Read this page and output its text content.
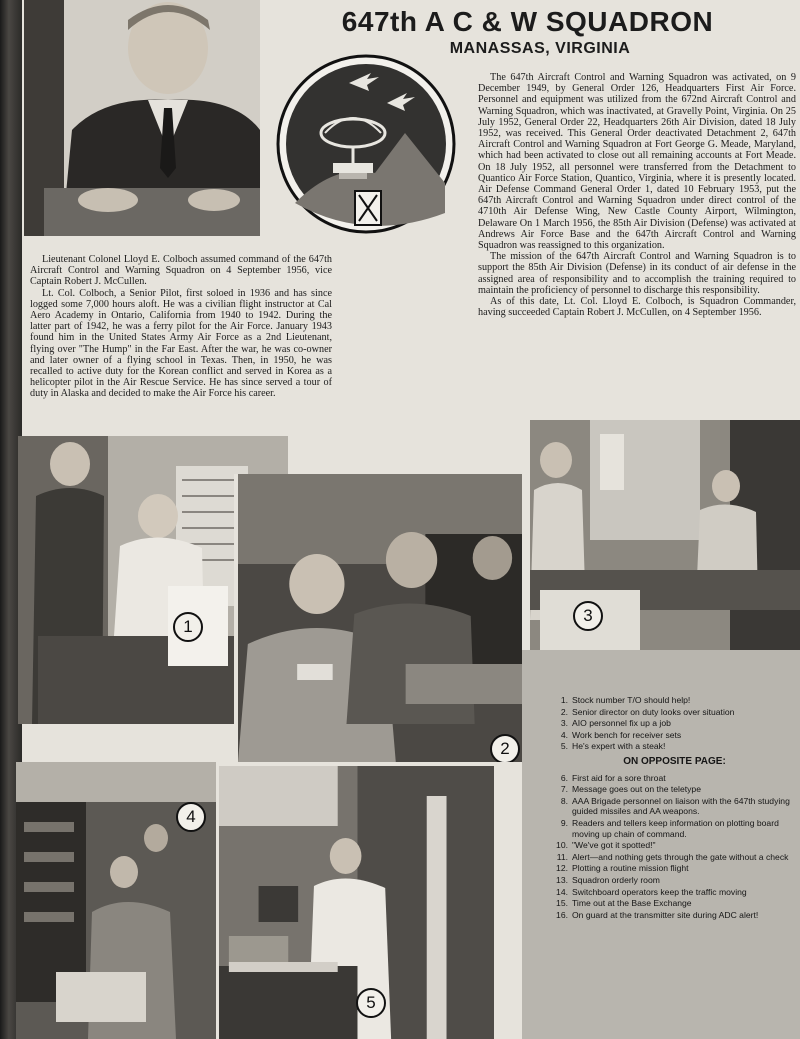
647th A C & W SQUADRON
MANASSAS, VIRGINIA

The 647th Aircraft Control and Warning Squadron was activated, on 9 December 1949, by General Order 126, Headquarters First Air Force. Personnel and equipment was utilized from the 672nd Aircraft Control and Warning Squadron, which was inactivated, at Gravelly Point, Virginia. On 25 July 1952, General Order 22, Headquarters 26th Air Division, dated 18 July 1952, was received. This General Order deactivated Detachment 2, 647th Aircraft Control and Warning Squadron at Fort George G. Meade, Maryland, which had been activated to close out all remaining accounts at Fort Meade. On 18 July 1952, all personnel were transferred from the Detachment to Quantico Air Force Station, Quantico, Virginia, where it is presently located. Air Defense Command General Order 1, dated 10 February 1953, put the 647th Aircraft Control and Warning Squadron under direct control of the 4710th Air Defense Wing, New Castle County Airport, Wilmington, Delaware On 1 March 1956, the 85th Air Division (Defense) was activated at Andrews Air Force Base and the 647th Aircraft Control and Warning Squadron was reassigned to this organization.

The mission of the 647th Aircraft Control and Warning Squadron is to support the 85th Air Division (Defense) in its conduct of air defense in the assigned area of responsibility and to accomplish the training required to maintain the proficiency of personnel to discharge this responsibility.

As of this date, Lt. Col. Lloyd E. Colboch, is Squadron Commander, having succeeded Captain Robert J. McCullen, on 4 September 1956.

Lieutenant Colonel Lloyd E. Colboch assumed command of the 647th Aircraft Control and Warning Squadron on 4 September 1956, vice Captain Robert J. McCullen.

Lt. Col. Colboch, a Senior Pilot, first soloed in 1936 and has since logged some 7,000 hours aloft. He was a civilian flight instructor at Cal Aero Academy in Ontario, California from 1940 to 1942. During the latter part of 1942, he was a ferry pilot for the Air Force. January 1943 found him in the United States Army Air Force as a 2nd Lieutenant, flying over "The Hump" in the Far East. After the war, he was co-owner and later owner of a flying school in Texas. Then, in 1950, he was recalled to active duty for the Korean conflict and served in Korea as a helicopter pilot in the Air Rescue Service. He has since served a tour of duty in Alaska and decided to make the Air Force his career.

1
2
3
4
5
1. Stock number T/O should help!
2. Senior director on duty looks over situation
3. AIO personnel fix up a job
4. Work bench for receiver sets
5. He's expert with a steak!
ON OPPOSITE PAGE:
6. First aid for a sore throat
7. Message goes out on the teletype
8. AAA Brigade personnel on liaison with the 647th studying guided missiles and AA weapons.
9. Readers and tellers keep information on plotting board moving up chain of command.
10. "We've got it spotted!"
11. Alert—and nothing gets through the gate without a check
12. Plotting a routine mission flight
13. Squadron orderly room
14. Switchboard operators keep the traffic moving
15. Time out at the Base Exchange
16. On guard at the transmitter site during ADC alert!
